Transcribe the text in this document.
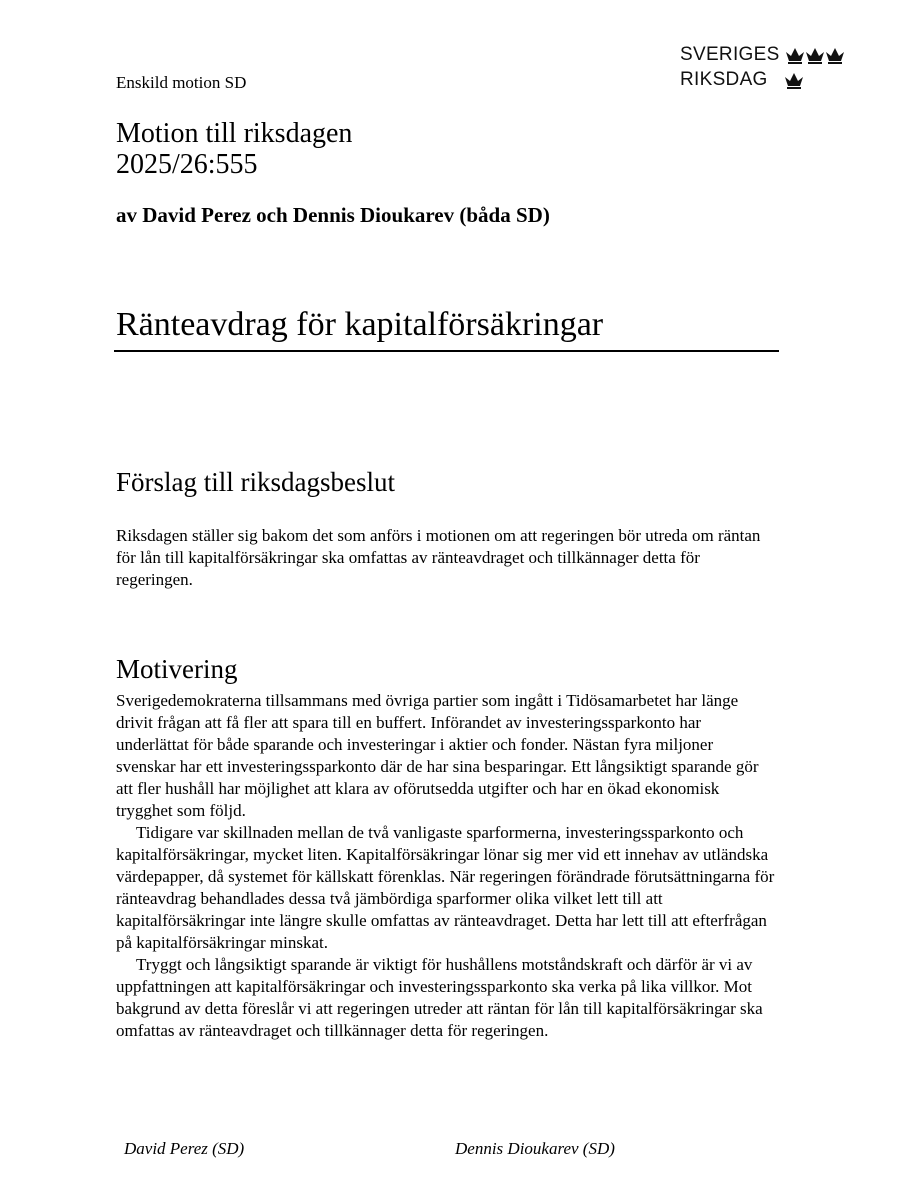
Enskild motion SD
SVERIGES
RIKSDAG
Motion till riksdagen
2025/26:555
av David Perez och Dennis Dioukarev (båda SD)
Ränteavdrag för kapitalförsäkringar
Förslag till riksdagsbeslut
Riksdagen ställer sig bakom det som anförs i motionen om att regeringen bör utreda om räntan för lån till kapitalförsäkringar ska omfattas av ränteavdraget och tillkännager detta för regeringen.
Motivering

Sverigedemokraterna tillsammans med övriga partier som ingått i Tidösamarbetet har länge drivit frågan att få fler att spara till en buffert. Införandet av investeringssparkonto har underlättat för både sparande och investeringar i aktier och fonder. Nästan fyra miljoner svenskar har ett investeringssparkonto där de har sina besparingar. Ett långsiktigt sparande gör att fler hushåll har möjlighet att klara av oförutsedda utgifter och har en ökad ekonomisk trygghet som följd.

Tidigare var skillnaden mellan de två vanligaste sparformerna, investeringssparkonto och kapitalförsäkringar, mycket liten. Kapitalförsäkringar lönar sig mer vid ett innehav av utländska värdepapper, då systemet för källskatt förenklas. När regeringen förändrade förutsättningarna för ränteavdrag behandlades dessa två jämbördiga sparformer olika vilket lett till att kapitalförsäkringar inte längre skulle omfattas av ränteavdraget. Detta har lett till att efterfrågan på kapitalförsäkringar minskat.

Tryggt och långsiktigt sparande är viktigt för hushållens motståndskraft och därför är vi av uppfattningen att kapitalförsäkringar och investeringssparkonto ska verka på lika villkor. Mot bakgrund av detta föreslår vi att regeringen utreder att räntan för lån till kapitalförsäkringar ska omfattas av ränteavdraget och tillkännager detta för regeringen.

David Perez (SD)	Dennis Dioukarev (SD)
